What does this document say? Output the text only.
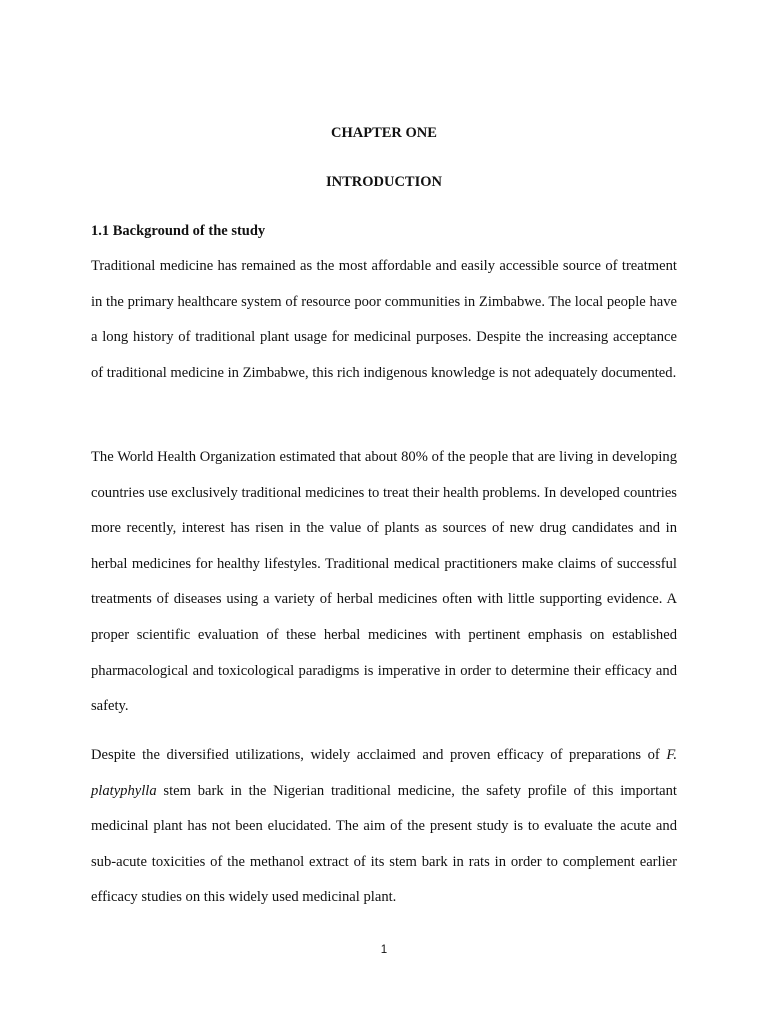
CHAPTER ONE
INTRODUCTION
1.1 Background of the study

Traditional medicine has remained as the most affordable and easily accessible source of treatment in the primary healthcare system of resource poor communities in Zimbabwe. The local people have a long history of traditional plant usage for medicinal purposes. Despite the increasing acceptance of traditional medicine in Zimbabwe, this rich indigenous knowledge is not adequately documented.

The World Health Organization estimated that about 80% of the people that are living in developing countries use exclusively traditional medicines to treat their health problems. In developed countries more recently, interest has risen in the value of plants as sources of new drug candidates and in herbal medicines for healthy lifestyles. Traditional medical practitioners make claims of successful treatments of diseases using a variety of herbal medicines often with little supporting evidence. A proper scientific evaluation of these herbal medicines with pertinent emphasis on established pharmacological and toxicological paradigms is imperative in order to determine their efficacy and safety.

Despite the diversified utilizations, widely acclaimed and proven efficacy of preparations of F. platyphylla stem bark in the Nigerian traditional medicine, the safety profile of this important medicinal plant has not been elucidated. The aim of the present study is to evaluate the acute and sub-acute toxicities of the methanol extract of its stem bark in rats in order to complement earlier efficacy studies on this widely used medicinal plant.

1
